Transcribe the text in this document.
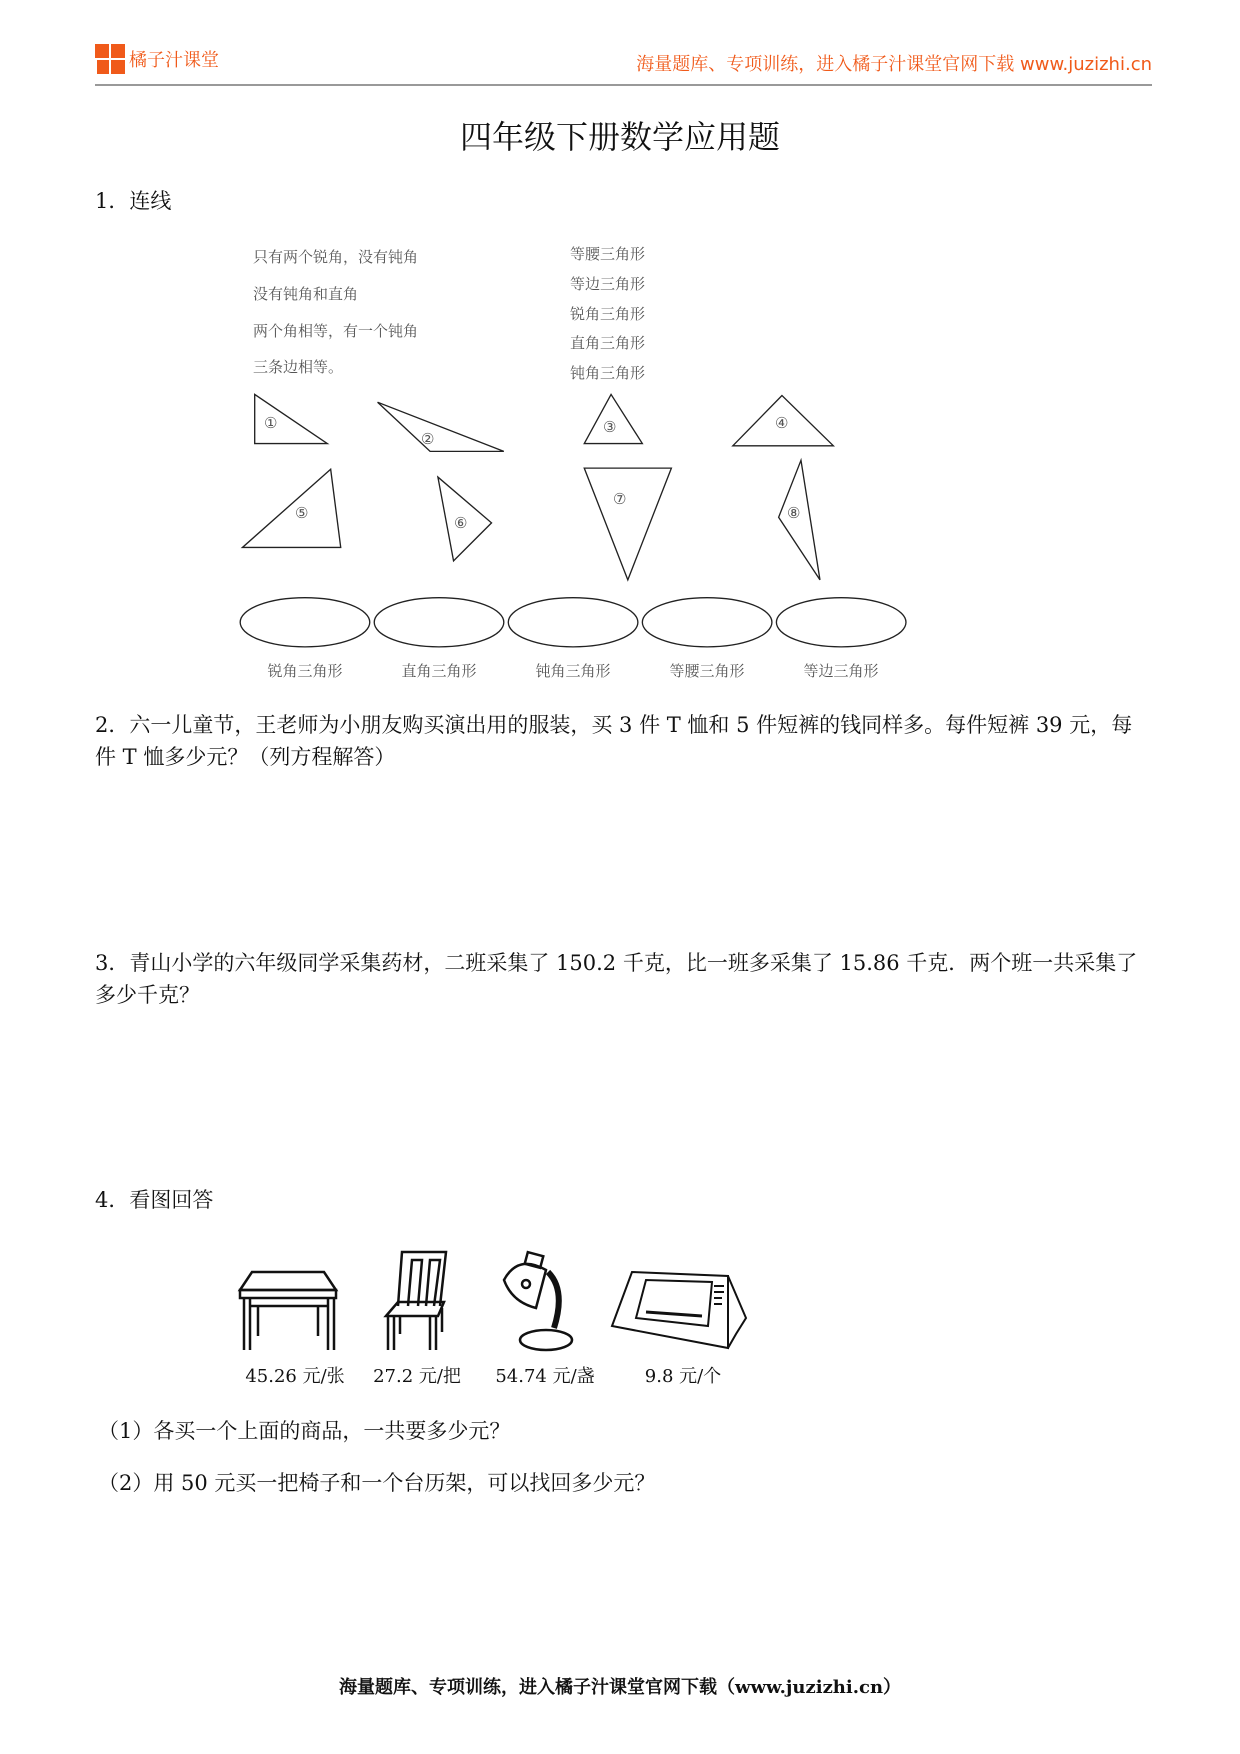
橘子汁课堂	海量题库、专项训练，进入橘子汁课堂官网下载 www.juzizhi.cn
四年级下册数学应用题
1．连线
只有两个锐角，没有钝角
没有钝角和直角
两个角相等，有一个钝角
三条边相等。
等腰三角形
等边三角形
锐角三角形
直角三角形
钝角三角形
①
②
③	④
⑤
⑥
⑦
⑧
锐角三角形	直角三角形	钝角三角形	等腰三角形	等边三角形
2．六一儿童节，王老师为小朋友购买演出用的服装，买 3 件 T 恤和 5 件短裤的钱同样多。每件短裤 39 元，每件 T 恤多少元？（列方程解答）
3．青山小学的六年级同学采集药材，二班采集了 150.2 千克，比一班多采集了 15.86 千克．两个班一共采集了多少千克？
4．看图回答
45.26 元/张	27.2 元/把	54.74 元/盏	9.8 元/个
（1）各买一个上面的商品，一共要多少元？
（2）用 50 元买一把椅子和一个台历架，可以找回多少元？
海量题库、专项训练，进入橘子汁课堂官网下载（www.juzizhi.cn）
